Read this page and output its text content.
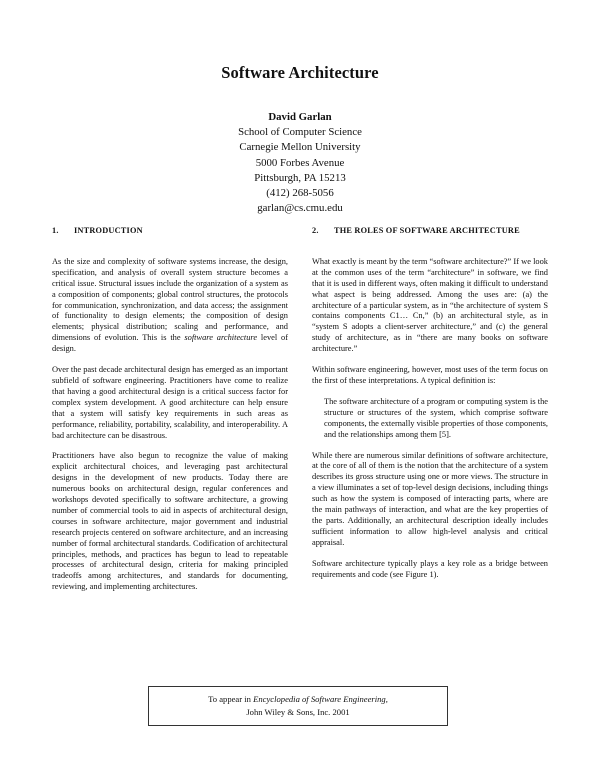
Software Architecture
David Garlan
School of Computer Science
Carnegie Mellon University
5000 Forbes Avenue
Pittsburgh, PA 15213
(412) 268-5056
garlan@cs.cmu.edu
1. INTRODUCTION

As the size and complexity of software systems increase, the design, specification, and analysis of overall system structure becomes a critical issue. Structural issues include the organization of a system as a composition of components; global control structures, the protocols for communication, synchronization, and data access; the assignment of functionality to design elements; the composition of design elements; physical distribution; scaling and performance, and dimensions of evolution. This is the software architecture level of design.

Over the past decade architectural design has emerged as an important subfield of software engineering. Practitioners have come to realize that having a good architectural design is a critical success factor for complex system development. A good architecture can help ensure that a system will satisfy key requirements in such areas as performance, reliability, portability, scalability, and interoperability. A bad architecture can be disastrous.

Practitioners have also begun to recognize the value of making explicit architectural choices, and leveraging past architectural designs in the development of new products. Today there are numerous books on architectural design, regular conferences and workshops devoted specifically to software architecture, a growing number of commercial tools to aid in aspects of architectural design, courses in software architecture, major government and industrial research projects centered on software architecture, and an increasing number of formal architectural standards. Codification of architectural principles, methods, and practices has begun to lead to repeatable processes of architectural design, criteria for making principled tradeoffs among architectures, and standards for documenting, reviewing, and implementing architectures.

2. THE ROLES OF SOFTWARE ARCHITECTURE

What exactly is meant by the term “software architecture?” If we look at the common uses of the term “architecture” in software, we find that it is used in different ways, often making it difficult to understand what aspect is being addressed. Among the uses are: (a) the architecture of a particular system, as in “the architecture of system S contains components C1… Cn,” (b) an architectural style, as in “system S adopts a client-server architecture,” and (c) the general study of architecture, as in “there are many books on software architecture.”

Within software engineering, however, most uses of the term focus on the first of these interpretations. A typical definition is:

The software architecture of a program or computing system is the structure or structures of the system, which comprise software components, the externally visible properties of those components, and the relationships among them [5].

While there are numerous similar definitions of software architecture, at the core of all of them is the notion that the architecture of a system describes its gross structure using one or more views. The structure in a view illuminates a set of top-level design decisions, including things such as how the system is composed of interacting parts, where are the main pathways of interaction, and what are the key properties of the parts. Additionally, an architectural description ideally includes sufficient information to allow high-level analysis and critical appraisal.

Software architecture typically plays a key role as a bridge between requirements and code (see Figure 1).

To appear in Encyclopedia of Software Engineering,
John Wiley & Sons, Inc. 2001
